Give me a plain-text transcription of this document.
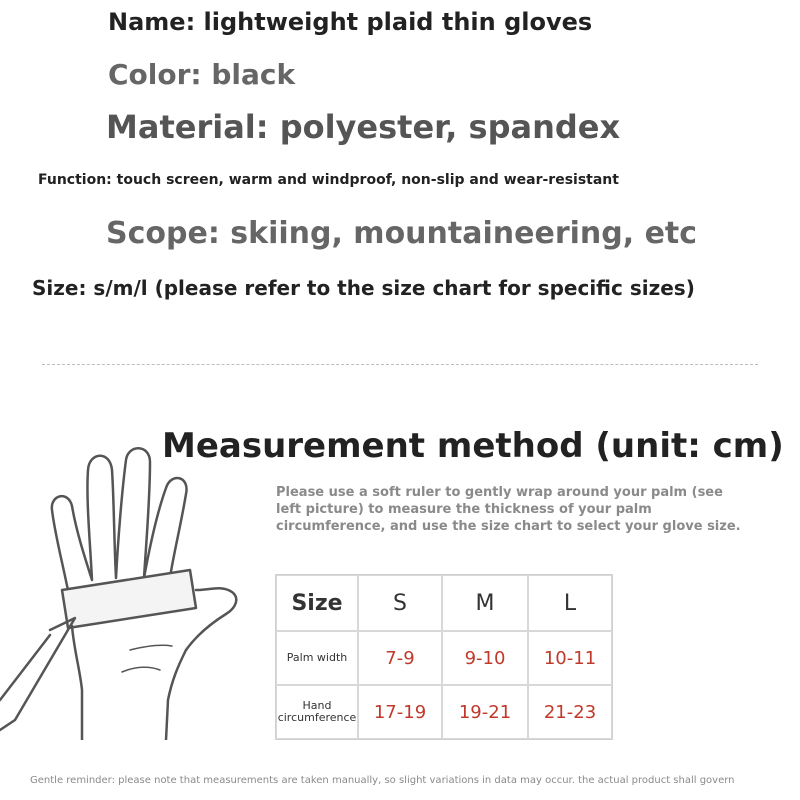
Name: lightweight plaid thin gloves
Color: black
Material: polyester, spandex
Function: touch screen, warm and windproof, non-slip and wear-resistant
Scope: skiing, mountaineering, etc
Size: s/m/l (please refer to the size chart for specific sizes)
Measurement method (unit: cm)
Please use a soft ruler to gently wrap around your palm (see left picture) to measure the thickness of your palm circumference, and use the size chart to select your glove size.
Size	S	M	L
Palm width	7-9	9-10	10-11
Hand circumference 17-19	19-21	21-23
Gentle reminder: please note that measurements are taken manually, so slight variations in data may occur. the actual product shall govern
